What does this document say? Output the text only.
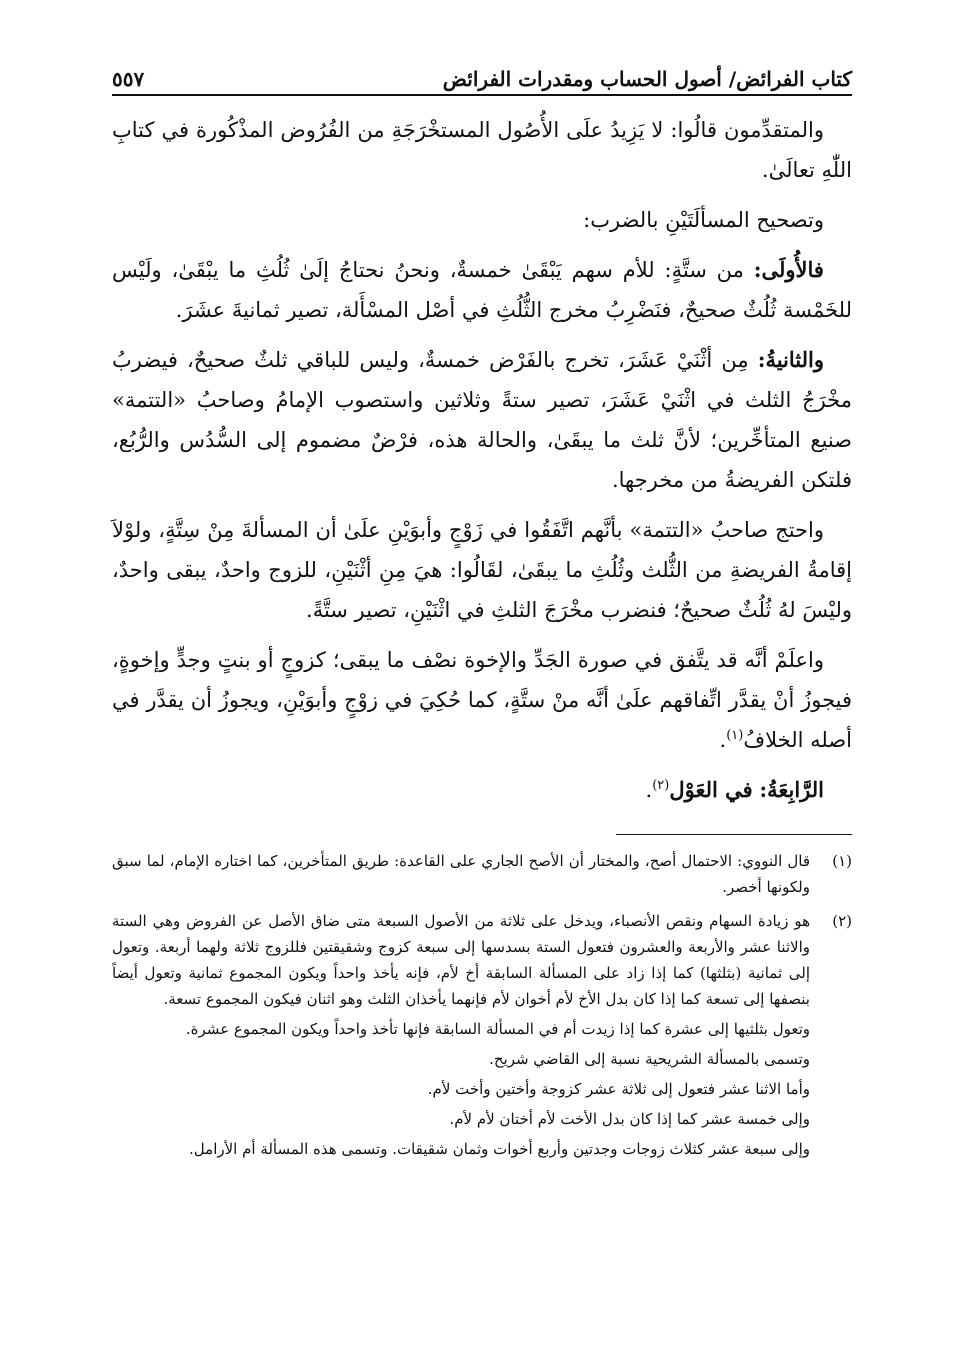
كتاب الفرائض/ أصول الحساب ومقدرات الفرائض
٥٥٧

والمتقدِّمون قالُوا: لا يَزِيدُ علَى الأُصُول المستخْرَجَةِ من الفُرُوض المذْكُورة في كتابِ اللّٰهِ تعالَىٰ.

وتصحيح المسألَتَيْنِ بالضرب:

فالأُولَى: من ستَّةٍ: للأم سهم يَبْقَىٰ خمسةٌ، ونحنُ نحتاجُ إلَىٰ ثُلُثِ ما يبْقَىٰ، ولَيْس للخَمْسة ثُلُثٌ صحيحٌ، فنَضْرِبُ مخرج الثُّلُثِ في أصْل المسْأَلة، تصير ثمانيةَ عشَرَ.

والثانيةُ: مِن أثْنَيْ عَشَرَ، تخرج بالفَرْض خمسةٌ، وليس للباقي ثلثٌ صحيحٌ، فيضربُ مخْرَجُ الثلث في اثْنَيْ عَشَرَ، تصير ستةً وثلاثين واستصوب الإمامُ وصاحبُ «التتمة» صنيع المتأخِّرين؛ لأنَّ ثلث ما يبقَىٰ، والحالة هذه، فرْضٌ مضموم إلى السُّدُس والرُّبُع، فلتكن الفريضةُ من مخرجها.

واحتج صاحبُ «التتمة» بأنَّهم اتَّفَقُوا في زَوْجٍ وأبوَيْنِ علَىٰ أن المسألةَ مِنْ سِتَّةٍ، ولوْلاَ إقامةُ الفريضةِ من الثُّلث وثُلُثِ ما يبقَىٰ، لقَالُوا: هيَ مِنِ أثْنَيْنِ، للزوج واحدٌ، يبقى واحدٌ، وليْسَ لهُ ثُلُثٌ صحيحٌ؛ فنضرب مخْرَجَ الثلثِ في اثْنَيْنِ، تصير ستَّةً.

واعلَمْ أنَّه قد يتَّفق في صورة الجَدِّ والإخوة نصْف ما يبقى؛ كزوجٍ أو بنتٍ وجدٍّ وإخوةٍ، فيجوزُ أنْ يقدَّر اتِّفاقهم علَىٰ أنَّه منْ ستَّةٍ، كما حُكِيَ في زوْجٍ وأبوَيْنِ، ويجوزُ أن يقدَّر في أصله الخلافُ$^{(١)}$.

الرَّابِعَةُ: في العَوْل$^{(٢)}$.

(١)

قال النووي: الاحتمال أصح، والمختار أن الأصح الجاري على القاعدة: طريق المتأخرين، كما اختاره الإمام، لما سبق ولكونها أخصر.

(٢)

هو زيادة السهام ونقص الأنصباء، ويدخل على ثلاثة من الأصول السبعة متى ضاق الأصل عن الفروض وهي الستة والاثنا عشر والأربعة والعشرون فتعول الستة بسدسها إلى سبعة كزوج وشقيقتين فللزوج ثلاثة ولهما أربعة. وتعول إلى ثمانية (بثلثها) كما إذا زاد على المسألة السابقة أخ لأم، فإنه يأخذ واحداً ويكون المجموع ثمانية وتعول أيضاً بنصفها إلى تسعة كما إذا كان بدل الأخ لأم أخوان لأم فإنهما يأخذان الثلث وهو اثنان فيكون المجموع تسعة.

وتعول بثلثيها إلى عشرة كما إذا زيدت أم في المسألة السابقة فإنها تأخذ واحداً ويكون المجموع عشرة.

وتسمى بالمسألة الشريحية نسبة إلى القاضي شريح.

وأما الاثنا عشر فتعول إلى ثلاثة عشر كزوجة وأختين وأخت لأم.

وإلى خمسة عشر كما إذا كان بدل الأخت لأم أختان لأم لأم.

وإلى سبعة عشر كثلاث زوجات وجدتين وأربع أخوات وثمان شقيقات. وتسمى هذه المسألة أم الأرامل.
